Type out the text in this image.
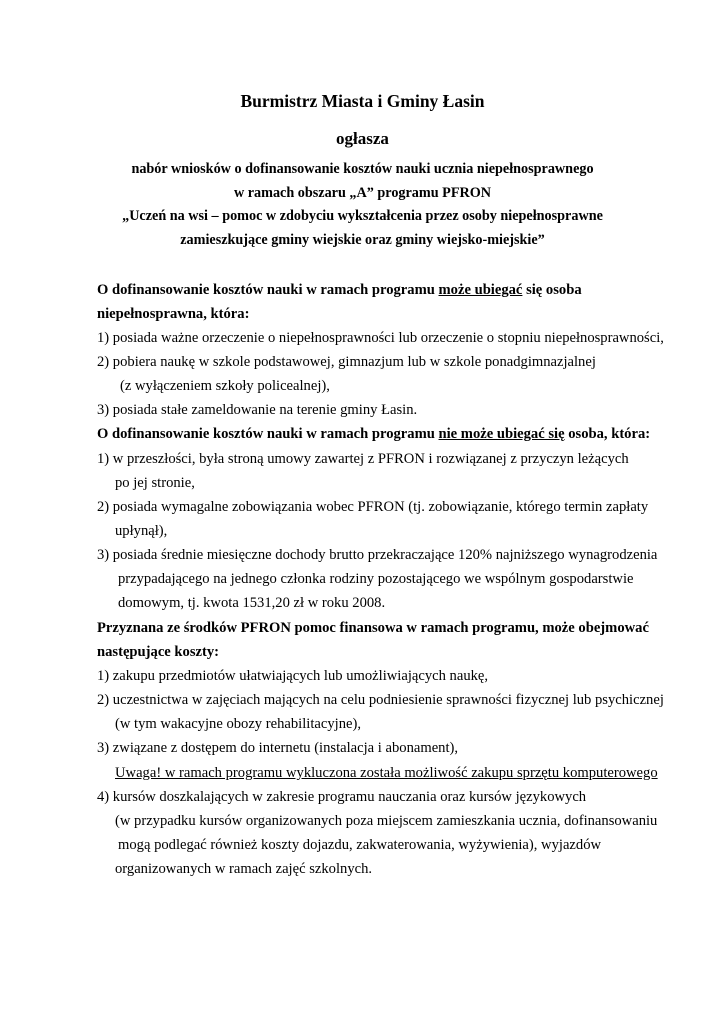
Burmistrz Miasta i Gminy Łasin
ogłasza
nabór wniosków o dofinansowanie kosztów nauki ucznia niepełnosprawnego
w ramach obszaru „A” programu PFRON
„Uczeń na wsi – pomoc w zdobyciu wykształcenia przez osoby niepełnosprawne
zamieszkujące gminy wiejskie oraz gminy wiejsko-miejskie”
O dofinansowanie kosztów nauki w ramach programu może ubiegać się osoba
niepełnosprawna, która:
1) posiada ważne orzeczenie o niepełnosprawności lub orzeczenie o stopniu niepełnosprawności,
2) pobiera naukę w szkole podstawowej, gimnazjum lub w szkole ponadgimnazjalnej
(z wyłączeniem szkoły policealnej),
3) posiada stałe zameldowanie na terenie gminy Łasin.
O dofinansowanie kosztów nauki w ramach programu nie może ubiegać się osoba, która:
1) w przeszłości, była stroną umowy zawartej z PFRON i rozwiązanej z przyczyn leżących
po jej stronie,
2) posiada wymagalne zobowiązania wobec PFRON (tj. zobowiązanie, którego termin zapłaty
upłynął),
3) posiada średnie miesięczne dochody brutto przekraczające 120% najniższego wynagrodzenia
przypadającego na jednego członka rodziny pozostającego we wspólnym gospodarstwie
domowym, tj. kwota 1531,20 zł w roku 2008.
Przyznana ze środków PFRON pomoc finansowa w ramach programu, może obejmować
następujące koszty:
1) zakupu przedmiotów ułatwiających lub umożliwiających naukę,
2) uczestnictwa w zajęciach mających na celu podniesienie sprawności fizycznej lub psychicznej
(w tym wakacyjne obozy rehabilitacyjne),
3) związane z dostępem do internetu (instalacja i abonament),
Uwaga! w ramach programu wykluczona została możliwość zakupu sprzętu komputerowego
4) kursów doszkalających w zakresie programu nauczania oraz kursów językowych
(w przypadku kursów organizowanych poza miejscem zamieszkania ucznia, dofinansowaniu
mogą podlegać również koszty dojazdu, zakwaterowania, wyżywienia), wyjazdów
organizowanych w ramach zajęć szkolnych.
